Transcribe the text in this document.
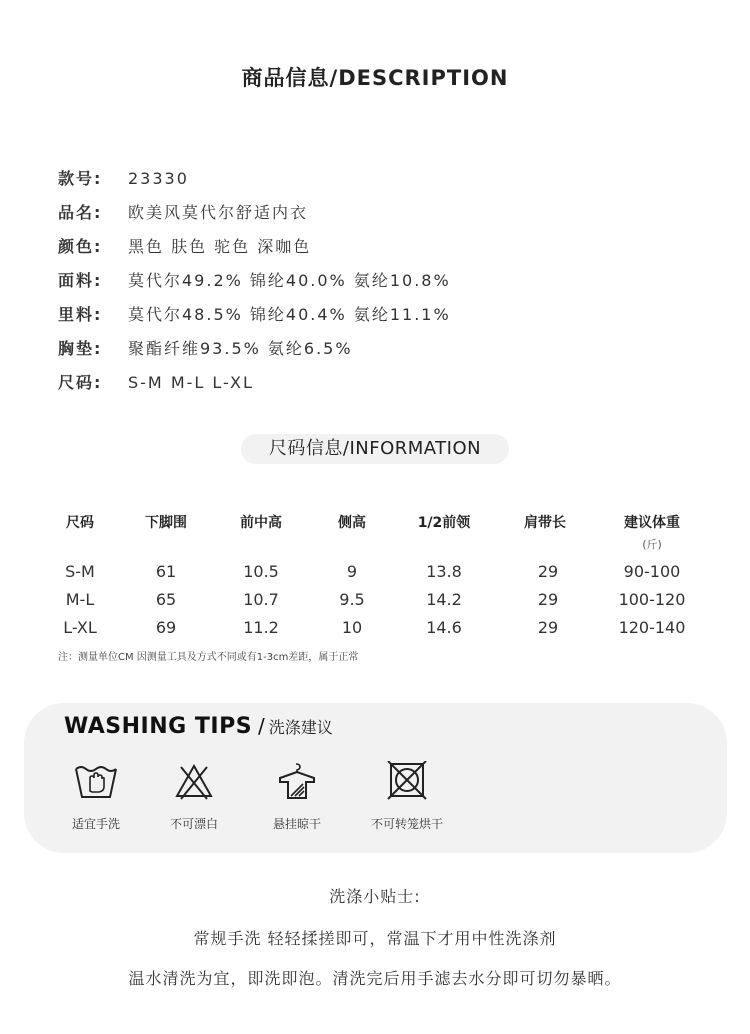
商品信息/DESCRIPTION
款号: 23330
品名: 欧美风莫代尔舒适内衣
颜色: 黑色 肤色 驼色 深咖色
面料: 莫代尔49.2% 锦纶40.0% 氨纶10.8%
里料: 莫代尔48.5% 锦纶40.4% 氨纶11.1%
胸垫: 聚酯纤维93.5% 氨纶6.5%
尺码: S-M M-L L-XL
尺码信息/INFORMATION
尺码	下脚围	前中高	侧高	1/2前领	肩带长	建议体重
(斤)
S-M	61	10.5	9	13.8	29	90-100
M-L	65	10.7	9.5	14.2	29	100-120
L-XL	69	11.2	10	14.6	29	120-140
注：测量单位CM 因测量工具及方式不同或有1-3cm差距，属于正常
WASHING TIPS / 洗涤建议
适宜手洗	不可漂白	悬挂晾干	不可转笼烘干
洗涤小贴士:
常规手洗 轻轻揉搓即可，常温下才用中性洗涤剂
温水清洗为宜，即洗即泡。清洗完后用手滤去水分即可切勿暴晒。
